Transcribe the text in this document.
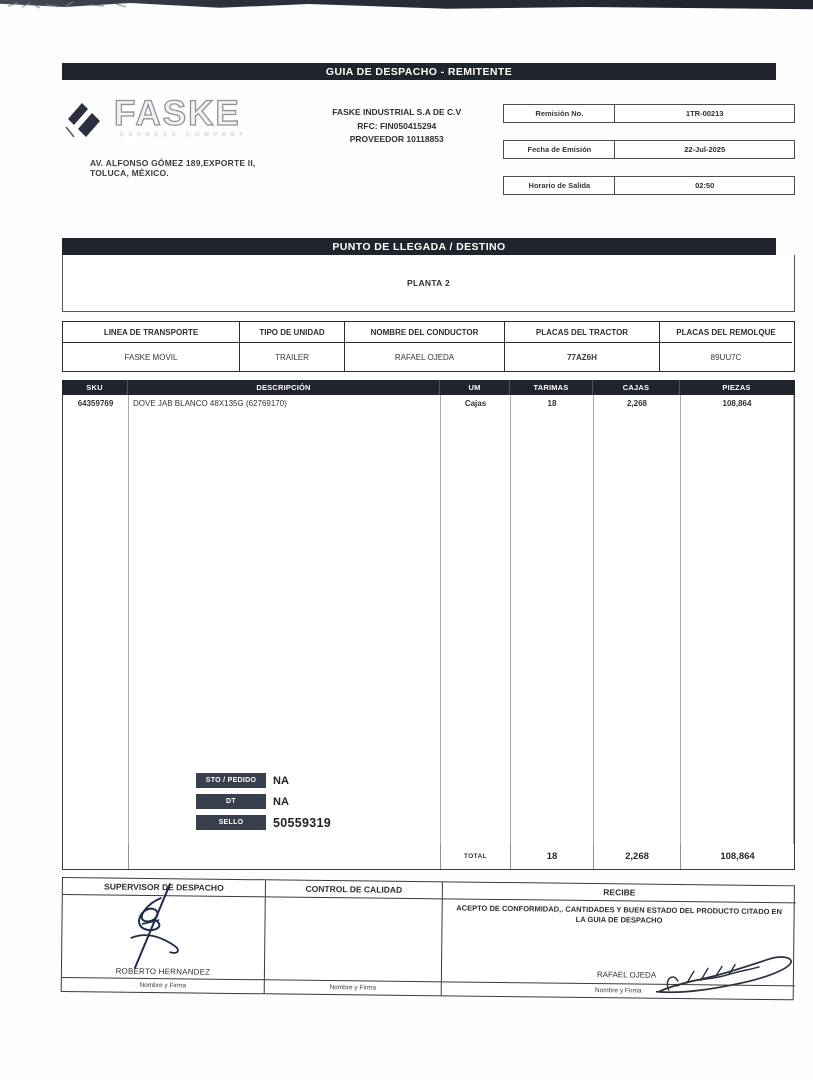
GUIA DE DESPACHO - REMITENTE
FASKE
EXPRESS COMPANY
AV. ALFONSO GÓMEZ 189,EXPORTE II, TOLUCA, MÉXICO.
FASKE INDUSTRIAL S.A DE C.V
RFC: FIN050415294
PROVEEDOR 10118853
Remisión No.	1TR-00213
Fecha de Emisión	22-Jul-2025
Horario de Salida	02:50
PUNTO DE LLEGADA / DESTINO
PLANTA 2
LINEA DE TRANSPORTE	TIPO DE UNIDAD	NOMBRE DEL CONDUCTOR	PLACAS DEL TRACTOR	PLACAS DEL REMOLQUE
FASKE MOVIL	TRAILER	RAFAEL OJEDA	77AZ6H	89UU7C
SKU	DESCRIPCIÓN	UM	TARIMAS	CAJAS	PIEZAS
64359769	DOVE JAB BLANCO 48X135G (62769170)	Cajas	18	2,268	108,864
STO / PEDIDO	NA
DT	NA
SELLO	50559319
TOTAL	18	2,268	108,864
SUPERVISOR DE DESPACHO	CONTROL DE CALIDAD	RECIBE
ROBERTO HERNANDEZ
ACEPTO DE CONFORMIDAD,. CANTIDADES Y BUEN ESTADO DEL PRODUCTO CITADO EN LA GUIA DE DESPACHO
RAFAEL OJEDA
Nombre y Firma	Nombre y Firma	Nombre y Firma
